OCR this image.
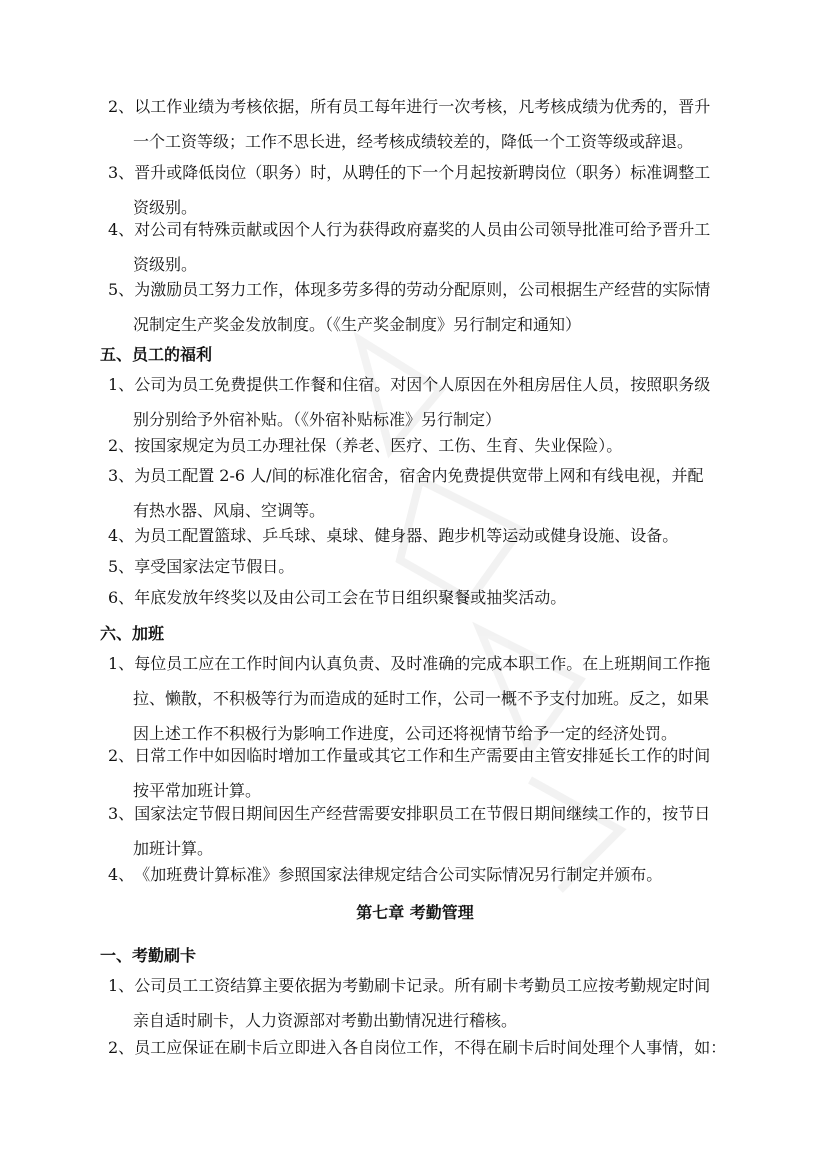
2、以工作业绩为考核依据，所有员工每年进行一次考核，凡考核成绩为优秀的，晋升
一个工资等级；工作不思长进，经考核成绩较差的，降低一个工资等级或辞退。
3、晋升或降低岗位（职务）时，从聘任的下一个月起按新聘岗位（职务）标准调整工
资级别。
4、对公司有特殊贡献或因个人行为获得政府嘉奖的人员由公司领导批准可给予晋升工
资级别。
5、为激励员工努力工作，体现多劳多得的劳动分配原则，公司根据生产经营的实际情
况制定生产奖金发放制度。（《生产奖金制度》另行制定和通知）
五、员工的福利
1、公司为员工免费提供工作餐和住宿。对因个人原因在外租房居住人员，按照职务级
别分别给予外宿补贴。（《外宿补贴标准》另行制定）
2、按国家规定为员工办理社保（养老、医疗、工伤、生育、失业保险）。
3、为员工配置 2-6 人/间的标准化宿舍，宿舍内免费提供宽带上网和有线电视，并配
有热水器、风扇、空调等。
4、为员工配置篮球、乒乓球、桌球、健身器、跑步机等运动或健身设施、设备。
5、享受国家法定节假日。
6、年底发放年终奖以及由公司工会在节日组织聚餐或抽奖活动。
六、加班
1、每位员工应在工作时间内认真负责、及时准确的完成本职工作。在上班期间工作拖
拉、懒散，不积极等行为而造成的延时工作，公司一概不予支付加班。反之，如果
因上述工作不积极行为影响工作进度，公司还将视情节给予一定的经济处罚。
2、日常工作中如因临时增加工作量或其它工作和生产需要由主管安排延长工作的时间
按平常加班计算。
3、国家法定节假日期间因生产经营需要安排职员工在节假日期间继续工作的，按节日
加班计算。
4、《加班费计算标准》参照国家法律规定结合公司实际情况另行制定并颁布。
第七章 考勤管理
一、考勤刷卡
1、公司员工工资结算主要依据为考勤刷卡记录。所有刷卡考勤员工应按考勤规定时间
亲自适时刷卡，人力资源部对考勤出勤情况进行稽核。
2、员工应保证在刷卡后立即进入各自岗位工作，不得在刷卡后时间处理个人事情，如：
